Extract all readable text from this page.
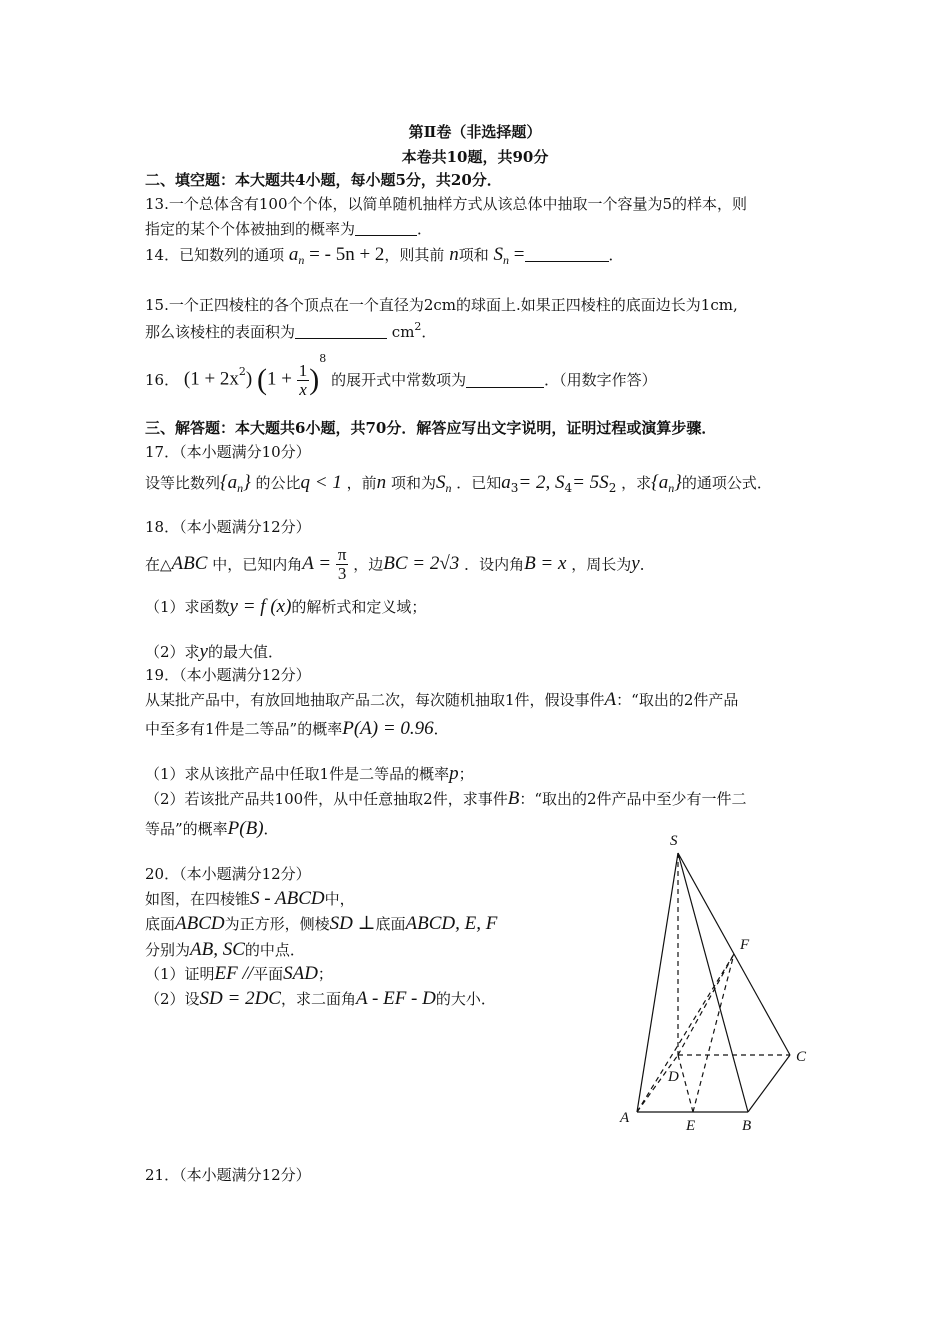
第Ⅱ卷（非选择题）
本卷共10题，共90分
二、填空题：本大题共4小题，每小题5分，共20分．
13.一个总体含有100个个体，以简单随机抽样方式从该总体中抽取一个容量为5的样本，则
指定的某个个体被抽到的概率为	．
14．已知数列的通项 $a_n$ = - 5n + 2，则其前 n项和 $S_n$ =	．
15.一个正四棱柱的各个顶点在一个直径为2cm的球面上.如果正四棱柱的底面边长为1cm,
那么该棱柱的表面积为	$cm^2$．
16． $(1 + 2x^2)$ $(1 + \frac{1}{x} )^8$ 的展开式中常数项为	．（用数字作答）
三、解答题：本大题共6小题，共70分．解答应写出文字说明，证明过程或演算步骤．
17．（本小题满分10分）
设等比数列$\{a_n\}$ 的公比q < 1 ，前n 项和为$S_n$ ．已知$a_3= 2$, $S_4= 5S_2$ ，求$\{a_n\}$的通项公式．
18．（本小题满分12分）
在△ABC 中，已知内角$A = \frac{\pi}{3}$ ，边BC = 2√3 ．设内角B = x ，周长为y．
（1）求函数y = f (x)的解析式和定义域；
（2）求y的最大值．
19．（本小题满分12分）
从某批产品中，有放回地抽取产品二次，每次随机抽取1件，假设事件A：“取出的2件产品
中至多有1件是二等品”的概率P(A) = 0.96．
（1）求从该批产品中任取1件是二等品的概率p；
（2）若该批产品共100件，从中任意抽取2件，求事件B：“取出的2件产品中至少有一件二
等品”的概率P(B)．
20．（本小题满分12分）
如图，在四棱锥S - ABCD中，
底面ABCD为正方形，侧棱SD ⊥底面ABCD, E, F
分别为AB, SC的中点．
（1）证明EF //平面SAD；
（2）设SD = 2DC，求二面角A - EF - D的大小．
S
F
C
D
A	E	B
21．（本小题满分12分）
